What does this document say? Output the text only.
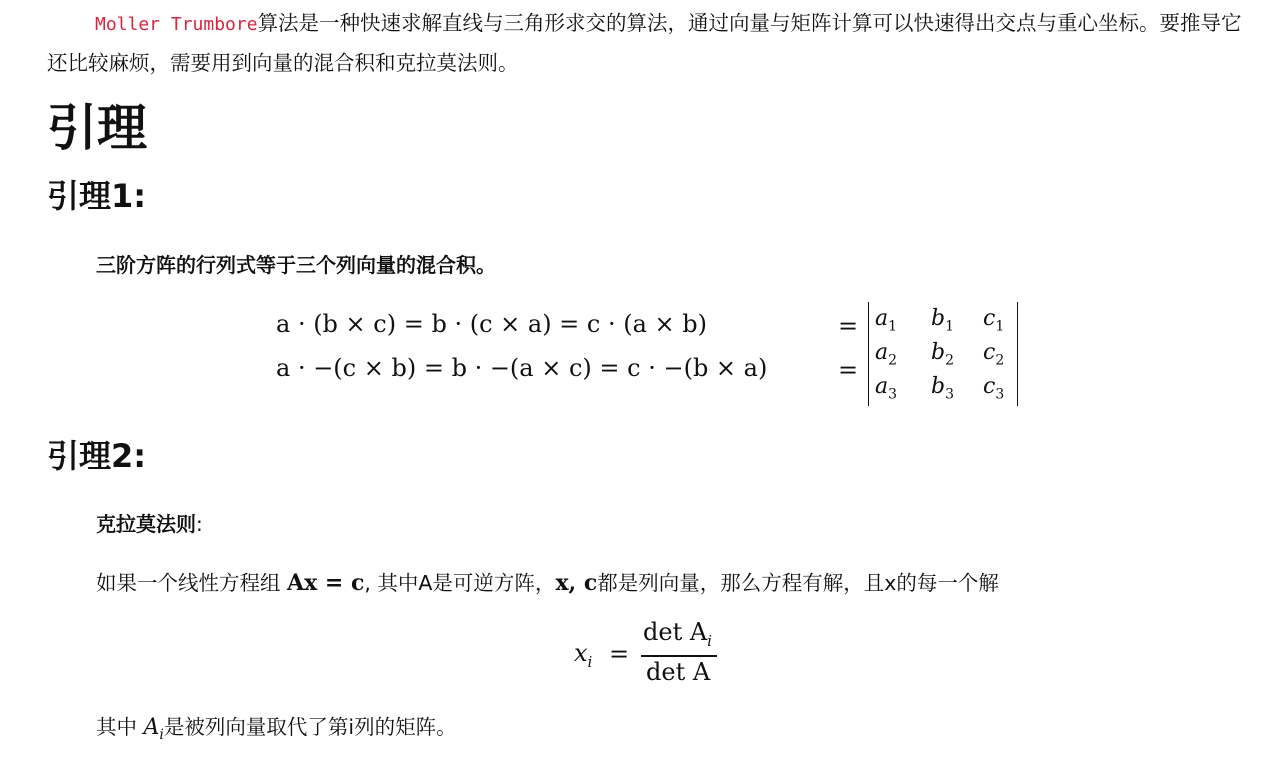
Moller Trumbore算法是一种快速求解直线与三角形求交的算法，通过向量与矩阵计算可以快速得出交点与重心坐标。要推导它还比较麻烦，需要用到向量的混合积和克拉莫法则。
引理
引理1:
三阶方阵的行列式等于三个列向量的混合积。
a · (b × c) = b · (c × a) = c · (a × b)
a · −(c × b) = b · −(a × c) = c · −(b × a)
=
=
$a_1$ $b_1$ $c_1$
$a_2$ $b_2$ $c_2$
$a_3$ $b_3$ $c_3$
引理2:
克拉莫法则:
如果一个线性方程组 Ax = c, 其中A是可逆方阵，x, c都是列向量，那么方程有解，且x的每一个解
$x_i$ =
$\det A_i$
det A
其中 $A_i$是被列向量取代了第i列的矩阵。
